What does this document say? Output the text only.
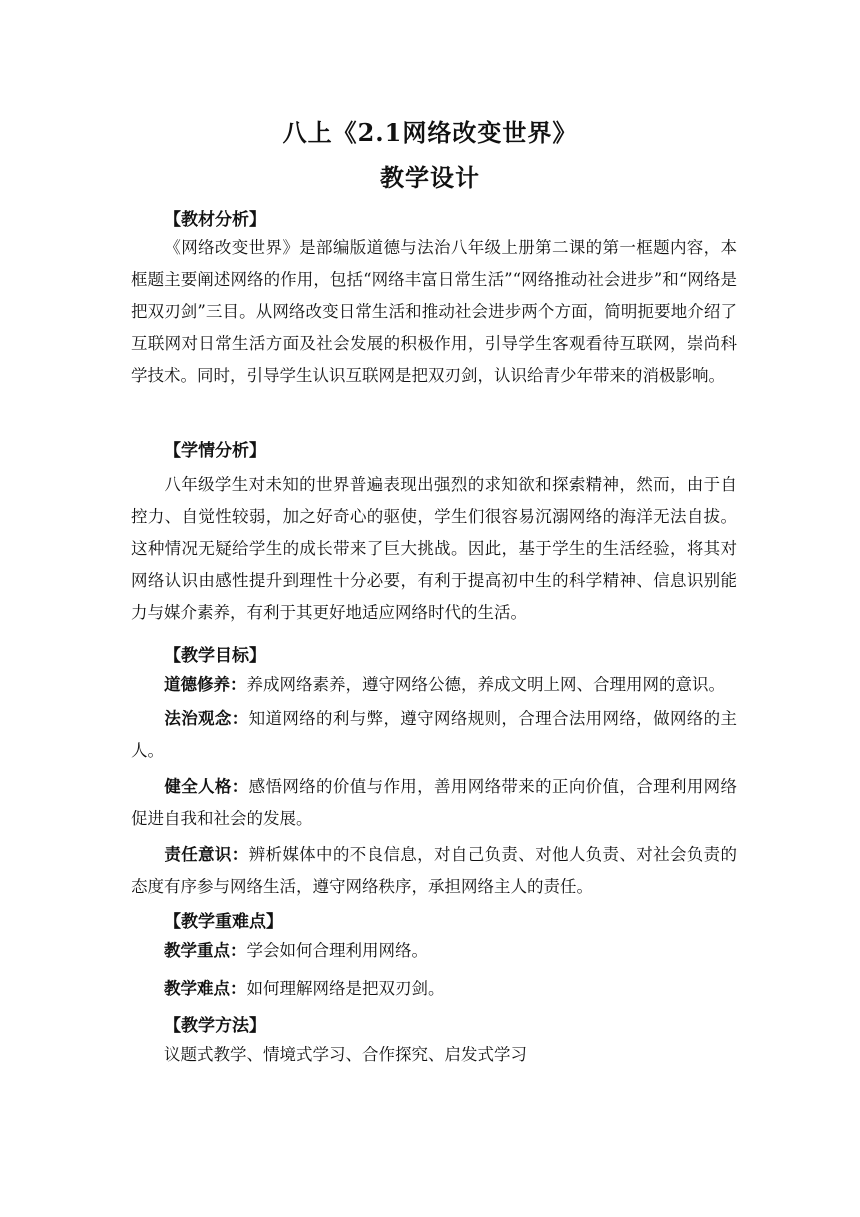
八上《2.1网络改变世界》
教学设计
【教材分析】
《网络改变世界》是部编版道德与法治八年级上册第二课的第一框题内容，本框题主要阐述网络的作用，包括“网络丰富日常生活”“网络推动社会进步”和“网络是把双刃剑”三目。从网络改变日常生活和推动社会进步两个方面，简明扼要地介绍了互联网对日常生活方面及社会发展的积极作用，引导学生客观看待互联网，崇尚科学技术。同时，引导学生认识互联网是把双刃剑，认识给青少年带来的消极影响。
【学情分析】
八年级学生对未知的世界普遍表现出强烈的求知欲和探索精神，然而，由于自控力、自觉性较弱，加之好奇心的驱使，学生们很容易沉溺网络的海洋无法自拔。这种情况无疑给学生的成长带来了巨大挑战。因此，基于学生的生活经验，将其对网络认识由感性提升到理性十分必要，有利于提高初中生的科学精神、信息识别能力与媒介素养，有利于其更好地适应网络时代的生活。
【教学目标】
道德修养：养成网络素养，遵守网络公德，养成文明上网、合理用网的意识。
法治观念：知道网络的利与弊，遵守网络规则，合理合法用网络，做网络的主人。
健全人格：感悟网络的价值与作用，善用网络带来的正向价值，合理利用网络促进自我和社会的发展。
责任意识：辨析媒体中的不良信息，对自己负责、对他人负责、对社会负责的态度有序参与网络生活，遵守网络秩序，承担网络主人的责任。
【教学重难点】
教学重点：学会如何合理利用网络。
教学难点：如何理解网络是把双刃剑。
【教学方法】
议题式教学、情境式学习、合作探究、启发式学习
